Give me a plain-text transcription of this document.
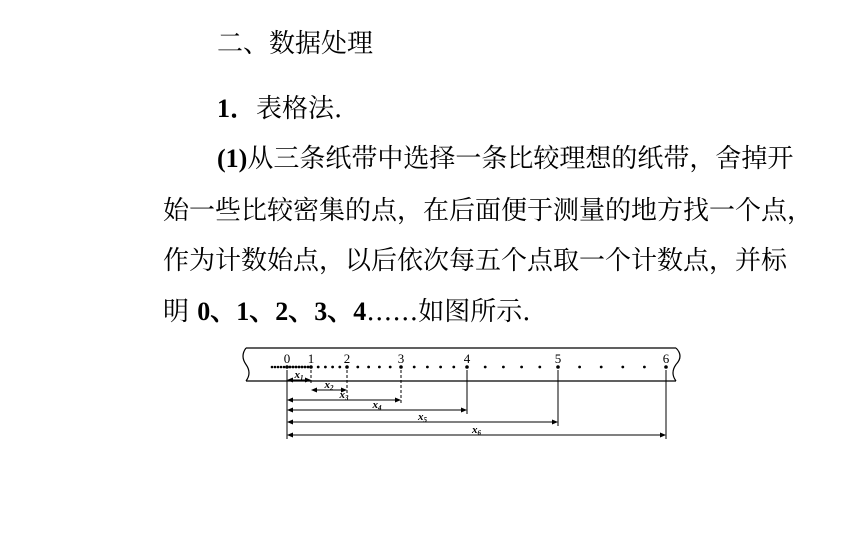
二、数据处理
1．表格法.
(1)从三条纸带中选择一条比较理想的纸带，舍掉开
始一些比较密集的点，在后面便于测量的地方找一个点，
作为计数始点，以后依次每五个点取一个计数点，并标
明 0、1、2、3、4……如图所示.
0 1 2	3	4	5	6
x1
x2
x3
x4
x5
x6
